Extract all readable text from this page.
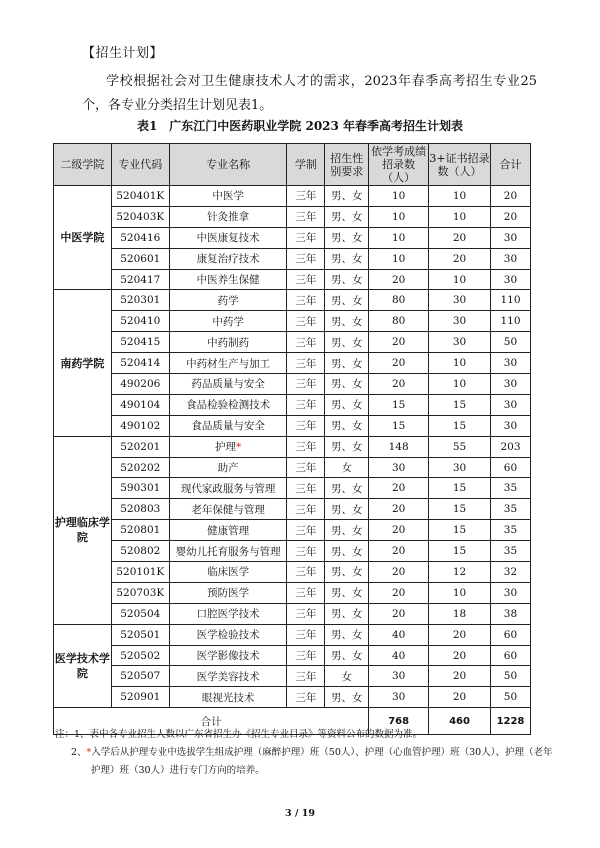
【招生计划】
学校根据社会对卫生健康技术人才的需求，2023年春季高考招生专业25个，各专业分类招生计划见表1。
表1　广东江门中医药职业学院 2023 年春季高考招生计划表
二级学院	专业代码	专业名称	学制	招生性别要求	依学考成绩招录数（人）	3+证书招录数（人）	合计
中医学院	520401K	中医学	三年	男、女	10	10	20
	520403K	针灸推拿	三年	男、女	10	10	20
	520416	中医康复技术	三年	男、女	10	20	30
	520601	康复治疗技术	三年	男、女	10	20	30
	520417	中医养生保健	三年	男、女	20	10	30
南药学院	520301	药学	三年	男、女	80	30	110
	520410	中药学	三年	男、女	80	30	110
	520415	中药制药	三年	男、女	20	30	50
	520414	中药材生产与加工	三年	男、女	20	10	30
	490206	药品质量与安全	三年	男、女	20	10	30
	490104	食品检验检测技术	三年	男、女	15	15	30
	490102	食品质量与安全	三年	男、女	15	15	30
护理临床学院	520201	护理*	三年	男、女	148	55	203
	520202	助产	三年	女	30	30	60
	590301	现代家政服务与管理	三年	男、女	20	15	35
	520803	老年保健与管理	三年	男、女	20	15	35
	520801	健康管理	三年	男、女	20	15	35
	520802	婴幼儿托育服务与管理	三年	男、女	20	15	35
	520101K	临床医学	三年	男、女	20	12	32
	520703K	预防医学	三年	男、女	20	10	30
	520504	口腔医学技术	三年	男、女	20	18	38
医学技术学院	520501	医学检验技术	三年	男、女	40	20	60
	520502	医学影像技术	三年	男、女	40	20	60
	520507	医学美容技术	三年	女	30	20	50
	520901	眼视光技术	三年	男、女	30	20	50
合计					768	460	1228
注：1、表中各专业招生人数以广东省招生办《招生专业目录》等资料公布的数据为准。
2、*入学后从护理专业中选拔学生组成护理（麻醉护理）班（50人）、护理（心血管护理）班（30人）、护理（老年
护理）班（30人）进行专门方向的培养。
3 / 19
